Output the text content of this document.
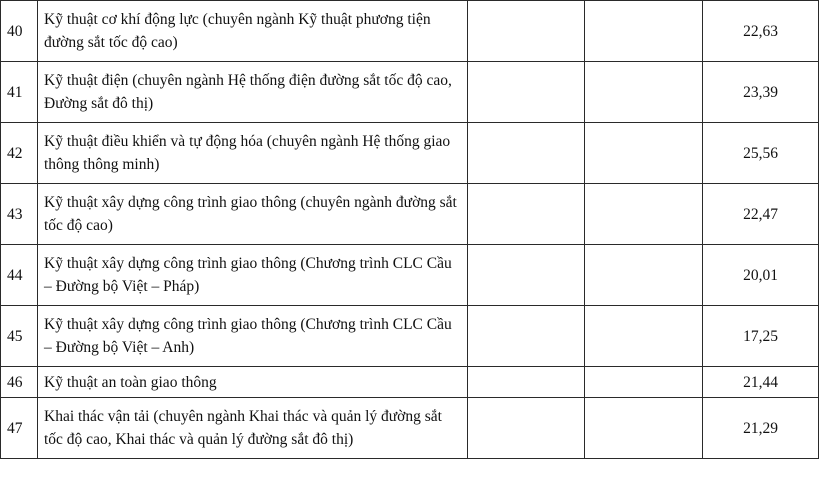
40	Kỹ thuật cơ khí động lực (chuyên ngành Kỹ thuật phương tiện đường sắt tốc độ cao)			22,63
41	Kỹ thuật điện (chuyên ngành Hệ thống điện đường sắt tốc độ cao, Đường sắt đô thị)			23,39
42	Kỹ thuật điều khiển và tự động hóa (chuyên ngành Hệ thống giao thông thông minh)			25,56
43	Kỹ thuật xây dựng công trình giao thông (chuyên ngành đường sắt tốc độ cao)			22,47
44	Kỹ thuật xây dựng công trình giao thông (Chương trình CLC Cầu – Đường bộ Việt – Pháp)			20,01
45	Kỹ thuật xây dựng công trình giao thông (Chương trình CLC Cầu – Đường bộ Việt – Anh)			17,25
46	Kỹ thuật an toàn giao thông			21,44
47	Khai thác vận tải (chuyên ngành Khai thác và quản lý đường sắt tốc độ cao, Khai thác và quản lý đường sắt đô thị)			21,29
